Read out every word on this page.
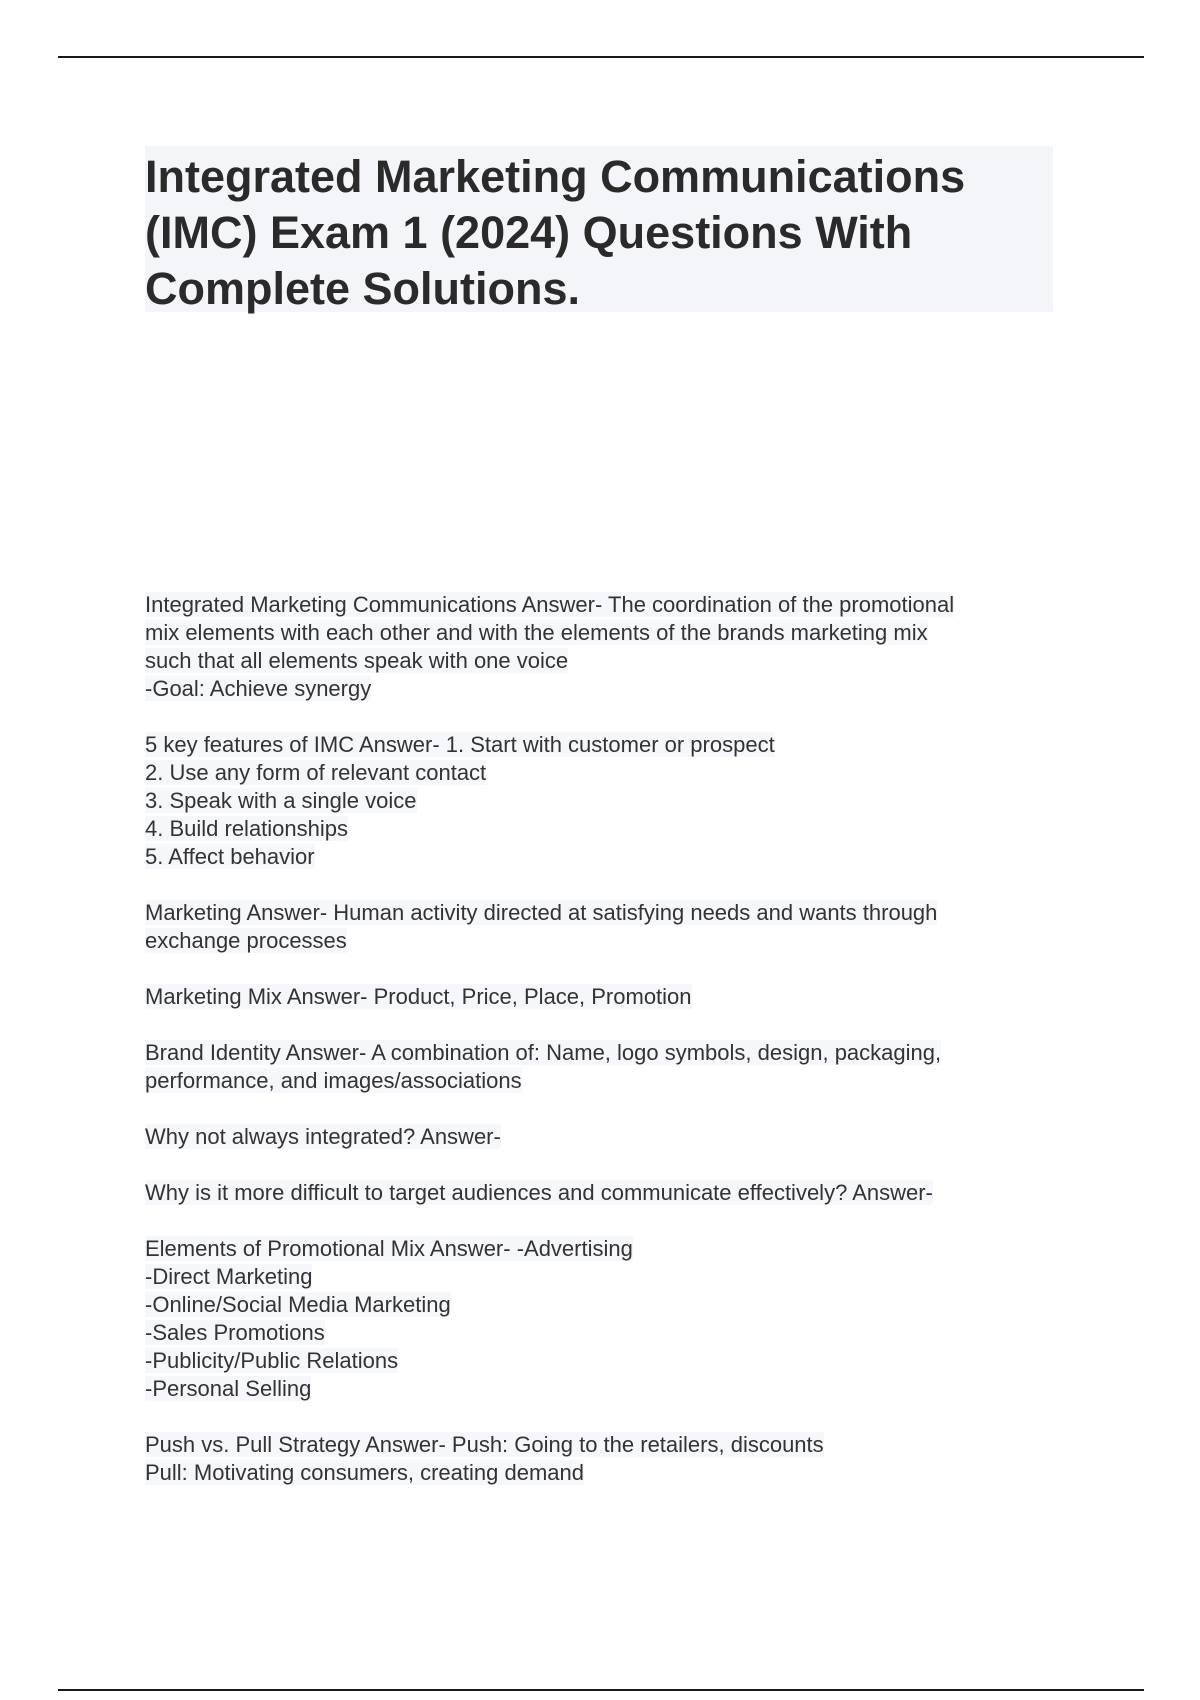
Integrated Marketing Communications
(IMC) Exam 1 (2024) Questions With
Complete Solutions.

Integrated Marketing Communications Answer- The coordination of the promotional
mix elements with each other and with the elements of the brands marketing mix
such that all elements speak with one voice
-Goal: Achieve synergy

5 key features of IMC Answer- 1. Start with customer or prospect
2. Use any form of relevant contact
3. Speak with a single voice
4. Build relationships
5. Affect behavior

Marketing Answer- Human activity directed at satisfying needs and wants through
exchange processes

Marketing Mix Answer- Product, Price, Place, Promotion

Brand Identity Answer- A combination of: Name, logo symbols, design, packaging,
performance, and images/associations

Why not always integrated? Answer-

Why is it more difficult to target audiences and communicate effectively? Answer-

Elements of Promotional Mix Answer- -Advertising
-Direct Marketing
-Online/Social Media Marketing
-Sales Promotions
-Publicity/Public Relations
-Personal Selling

Push vs. Pull Strategy Answer- Push: Going to the retailers, discounts
Pull: Motivating consumers, creating demand
